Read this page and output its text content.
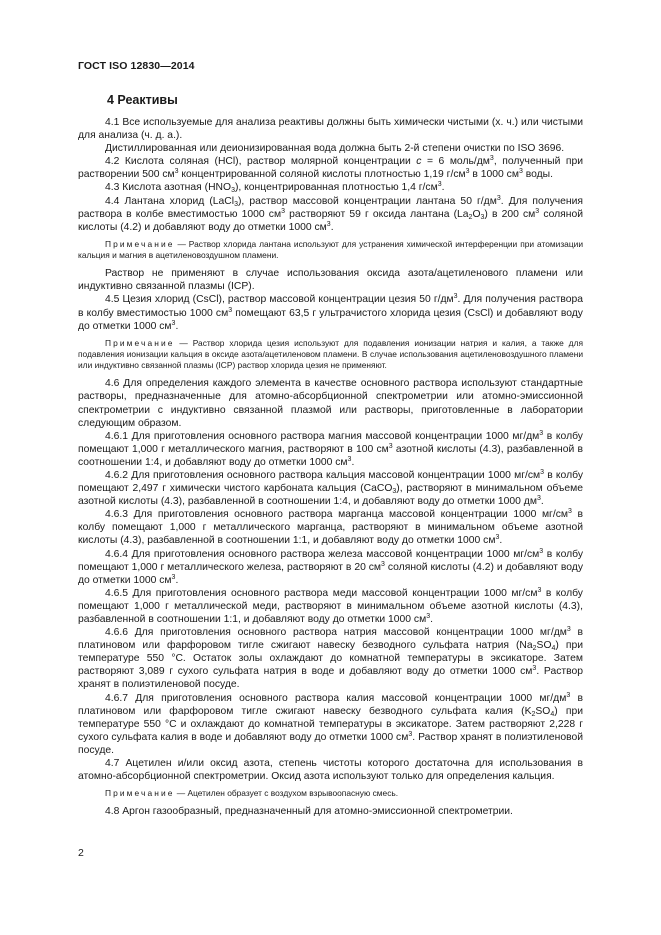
ГОСТ ISO 12830—2014
4 Реактивы

4.1 Все используемые для анализа реактивы должны быть химически чистыми (х. ч.) или чистыми для анализа (ч. д. а.).

Дистиллированная или деионизированная вода должна быть 2-й степени очистки по ISO 3696.

4.2 Кислота соляная (HCl), раствор молярной концентрации с = 6 моль/$дм^3$, полученный при растворении 500 $см^3$ концентрированной соляной кислоты плотностью 1,19 $г/см^3$ в 1000 $см^3$ воды.

4.3 Кислота азотная $(HNO_3)$, концентрированная плотностью 1,4 $г/см^3$.

4.4 Лантана хлорид (LaCl$_3$), раствор массовой концентрации лантана 50 $г/дм^3$. Для получения раствора в колбе вместимостью 1000 $см^3$ растворяют 59 г оксида лантана $(La_2O_3)$ в 200 $см^3$ соляной кислоты (4.2) и добавляют воду до отметки 1000 $см^3$.

Примечание — Раствор хлорида лантана используют для устранения химической интерференции при атомизации кальция и магния в ацетиленовоздушном пламени.

Раствор не применяют в случае использования оксида азота/ацетиленового пламени или индуктивно связанной плазмы (ICP).

4.5 Цезия хлорид (CsCl), раствор массовой концентрации цезия 50 $г/дм^3$. Для получения раствора в колбу вместимостью 1000 $см^3$ помещают 63,5 г ультрачистого хлорида цезия (CsCl) и добавляют воду до отметки 1000 $см^3$.

Примечание — Раствор хлорида цезия используют для подавления ионизации натрия и калия, а также для подавления ионизации кальция в оксиде азота/ацетиленовом пламени. В случае использования ацетиленовоздушного пламени или индуктивно связанной плазмы (ICP) раствор хлорида цезия не применяют.

4.6 Для определения каждого элемента в качестве основного раствора используют стандартные растворы, предназначенные для атомно-абсорбционной спектрометрии или атомно-эмиссионной спектрометрии с индуктивно связанной плазмой или растворы, приготовленные в лаборатории следующим образом.

4.6.1 Для приготовления основного раствора магния массовой концентрации 1000 $мг/дм^3$ в колбу помещают 1,000 г металлического магния, растворяют в 100 $см^3$ азотной кислоты (4.3), разбавленной в соотношении 1:4, и добавляют воду до отметки 1000 $см^3$.

4.6.2 Для приготовления основного раствора кальция массовой концентрации 1000 $мг/см^3$ в колбу помещают 2,497 г химически чистого карбоната кальция (CaCO$_3$), растворяют в минимальном объеме азотной кислоты (4.3), разбавленной в соотношении 1:4, и добавляют воду до отметки 1000 $дм^3$.

4.6.3 Для приготовления основного раствора марганца массовой концентрации 1000 $мг/см^3$ в колбу помещают 1,000 г металлического марганца, растворяют в минимальном объеме азотной кислоты (4.3), разбавленной в соотношении 1:1, и добавляют воду до отметки 1000 $см^3$.

4.6.4 Для приготовления основного раствора железа массовой концентрации 1000 $мг/см^3$ в колбу помещают 1,000 г металлического железа, растворяют в 20 $см^3$ соляной кислоты (4.2) и добавляют воду до отметки 1000 $см^3$.

4.6.5 Для приготовления основного раствора меди массовой концентрации 1000 $мг/см^3$ в колбу помещают 1,000 г металлической меди, растворяют в минимальном объеме азотной кислоты (4.3), разбавленной в соотношении 1:1, и добавляют воду до отметки 1000 $см^3$.

4.6.6 Для приготовления основного раствора натрия массовой концентрации 1000 $мг/дм^3$ в платиновом или фарфоровом тигле сжигают навеску безводного сульфата натрия $(Na_2SO_4)$ при температуре 550 °С. Остаток золы охлаждают до комнатной температуры в эксикаторе. Затем растворяют 3,089 г сухого сульфата натрия в воде и добавляют воду до отметки 1000 $см^3$. Раствор хранят в полиэтиленовой посуде.

4.6.7 Для приготовления основного раствора калия массовой концентрации 1000 $мг/дм^3$ в платиновом или фарфоровом тигле сжигают навеску безводного сульфата калия $(K_2SO_4)$ при температуре 550 °С и охлаждают до комнатной температуры в эксикаторе. Затем растворяют 2,228 г сухого сульфата калия в воде и добавляют воду до отметки 1000 $см^3$. Раствор хранят в полиэтиленовой посуде.

4.7 Ацетилен и/или оксид азота, степень чистоты которого достаточна для использования в атомно-абсорбционной спектрометрии. Оксид азота используют только для определения кальция.

Примечание — Ацетилен образует с воздухом взрывоопасную смесь.

4.8 Аргон газообразный, предназначенный для атомно-эмиссионной спектрометрии.

2
